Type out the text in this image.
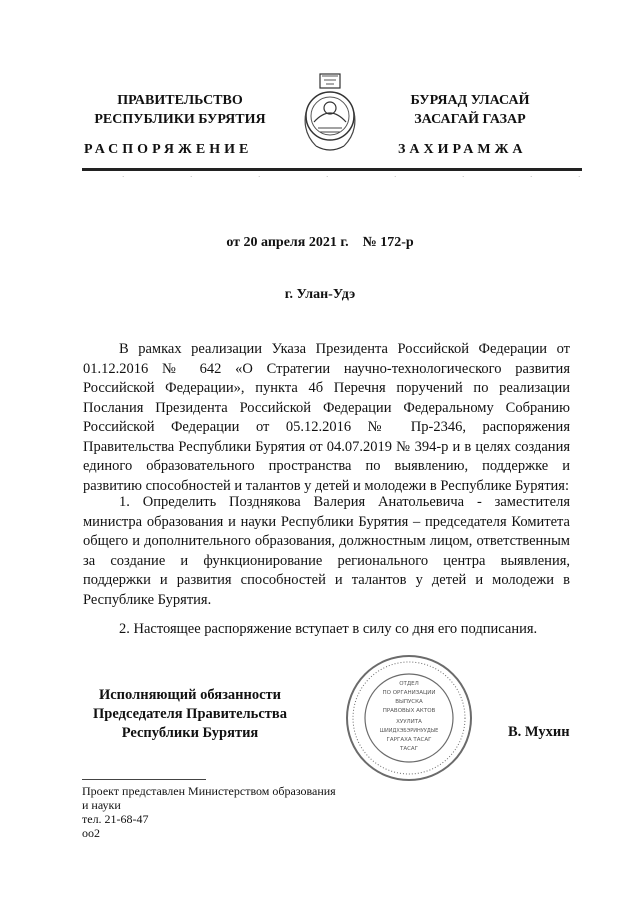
ПРАВИТЕЛЬСТВО
РЕСПУБЛИКИ БУРЯТИЯ
РАСПОРЯЖЕНИЕ
БУРЯАД УЛАСАЙ
ЗАСАГАЙ ГАЗАР
ЗАХИРАМЖА
·	·	·	·	·	·	·	·
от 20 апреля 2021 г.    № 172-р
г. Улан-Удэ
В рамках реализации Указа Президента Российской Федерации от 01.12.2016 № 642 «О Стратегии научно-технологического развития Российской Федерации», пункта 4б Перечня поручений по реализации Послания Президента Российской Федерации Федеральному Собранию Российской Федерации от 05.12.2016 № Пр-2346, распоряжения Правительства Республики Бурятия от 04.07.2019 № 394-р и в целях создания единого образовательного пространства по выявлению, поддержке и развитию способностей и талантов у детей и молодежи в Республике Бурятия:
1. Определить Позднякова Валерия Анатольевича - заместителя министра образования и науки Республики Бурятия – председателя Комитета общего и дополнительного образования, должностным лицом, ответственным за создание и функционирование регионального центра выявления, поддержки и развития способностей и талантов у детей и молодежи в Республике Бурятия.
2. Настоящее распоряжение вступает в силу со дня его подписания.
Исполняющий обязанности
Председателя Правительства
Республики Бурятия	В. Мухин
ОТДЕЛ
ПО ОРГАНИЗАЦИИ
ВЫПУСКА
ПРАВОВЫХ АКТОВ
ХУУЛИТА
ШИИДХЭБЭРИНУУДЫЕ
ГАРГАХА ТАСАГ
ТАСАГ
Проект представлен Министерством образования
и науки
тел. 21-68-47
оо2
